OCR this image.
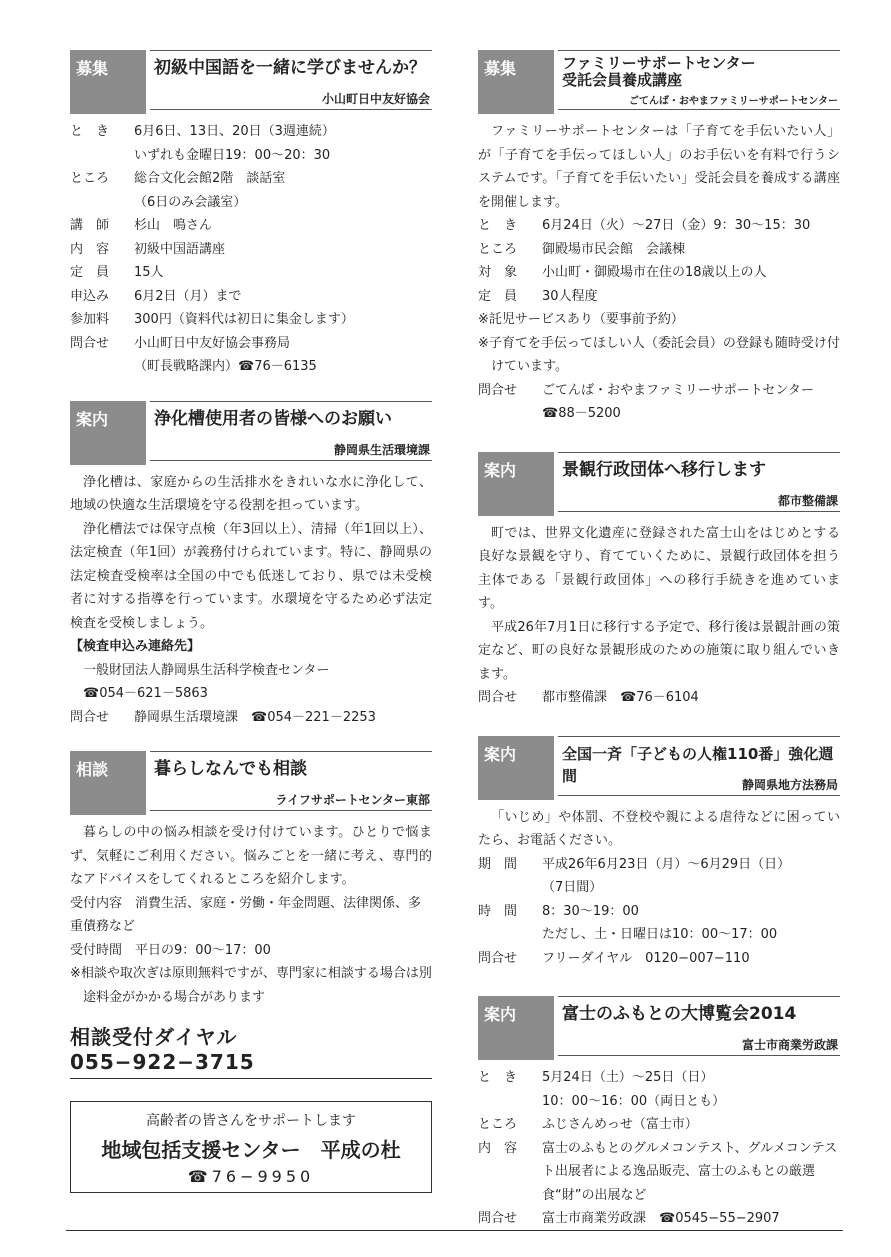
募集	初級中国語を一緒に学びませんか？
小山町日中友好協会
と　き	6月6日、13日、20日（3週連続）
いずれも金曜日19：00〜20：30
ところ	総合文化会館2階　談話室
（6日のみ会議室）
講　師	杉山　鳴さん
内　容	初級中国語講座
定　員	15人
申込み	6月2日（月）まで
参加料	300円（資料代は初日に集金します）
問合せ	小山町日中友好協会事務局
（町長戦略課内）☎76－6135
案内	浄化槽使用者の皆様へのお願い
静岡県生活環境課
浄化槽は、家庭からの生活排水をきれいな水に浄化して、地域の快適な生活環境を守る役割を担っています。
浄化槽法では保守点検（年3回以上）、清掃（年1回以上）、法定検査（年1回）が義務付けられています。特に、静岡県の法定検査受検率は全国の中でも低迷しており、県では未受検者に対する指導を行っています。水環境を守るため必ず法定検査を受検しましょう。
【検査申込み連絡先】
一般財団法人静岡県生活科学検査センター
☎054－621－5863
問合せ	静岡県生活環境課　☎054－221－2253
相談	暮らしなんでも相談
ライフサポートセンター東部
暮らしの中の悩み相談を受け付けています。ひとりで悩まず、気軽にご利用ください。悩みごとを一緒に考え、専門的なアドバイスをしてくれるところを紹介します。
受付内容　 消費生活、家庭・労働・年金問題、法律関係、多重債務など
受付時間　 平日の9：00〜17：00
※相談や取次ぎは原則無料ですが、専門家に相談する場合は別途料金がかかる場合があります
相談受付ダイヤル　055−922−3715
高齢者の皆さんをサポートします
地域包括支援センター　平成の杜
☎76−9950
募集	ファミリーサポートセンター
受託会員養成講座
ごてんば・おやまファミリーサポートセンター
ファミリーサポートセンターは「子育てを手伝いたい人」が「子育てを手伝ってほしい人」のお手伝いを有料で行うシステムです。「子育てを手伝いたい」受託会員を養成する講座を開催します。
と　き	6月24日（火）〜27日（金）9：30〜15：30
ところ	御殿場市民会館　会議棟
対　象	小山町・御殿場市在住の18歳以上の人
定　員	30人程度
※託児サービスあり（要事前予約）
※子育てを手伝ってほしい人（委託会員）の登録も随時受け付けています。
問合せ	ごてんば・おやまファミリーサポートセンター
☎88－5200
案内	景観行政団体へ移行します
都市整備課
町では、世界文化遺産に登録された富士山をはじめとする良好な景観を守り、育てていくために、景観行政団体を担う主体である「景観行政団体」への移行手続きを進めています。
平成26年7月1日に移行する予定で、移行後は景観計画の策定など、町の良好な景観形成のための施策に取り組んでいきます。
問合せ	都市整備課　☎76－6104
案内	全国一斉「子どもの人権110番」強化週間	静岡県地方法務局
「いじめ」や体罰、不登校や親による虐待などに困っていたら、お電話ください。
期　間	平成26年6月23日（月）〜6月29日（日）
（7日間）
時　間	8：30〜19：00
ただし、土・日曜日は10：00〜17：00
問合せ	フリーダイヤル　0120−007−110
案内	富士のふもとの大博覧会2014
富士市商業労政課
と　き	5月24日（土）〜25日（日）
10：00〜16：00（両日とも）
ところ	ふじさんめっせ（富士市）
内　容	富士のふもとのグルメコンテスト、グルメコンテスト出展者による逸品販売、富士のふもとの厳選食“財”の出展など
問合せ	富士市商業労政課　☎0545−55−2907
